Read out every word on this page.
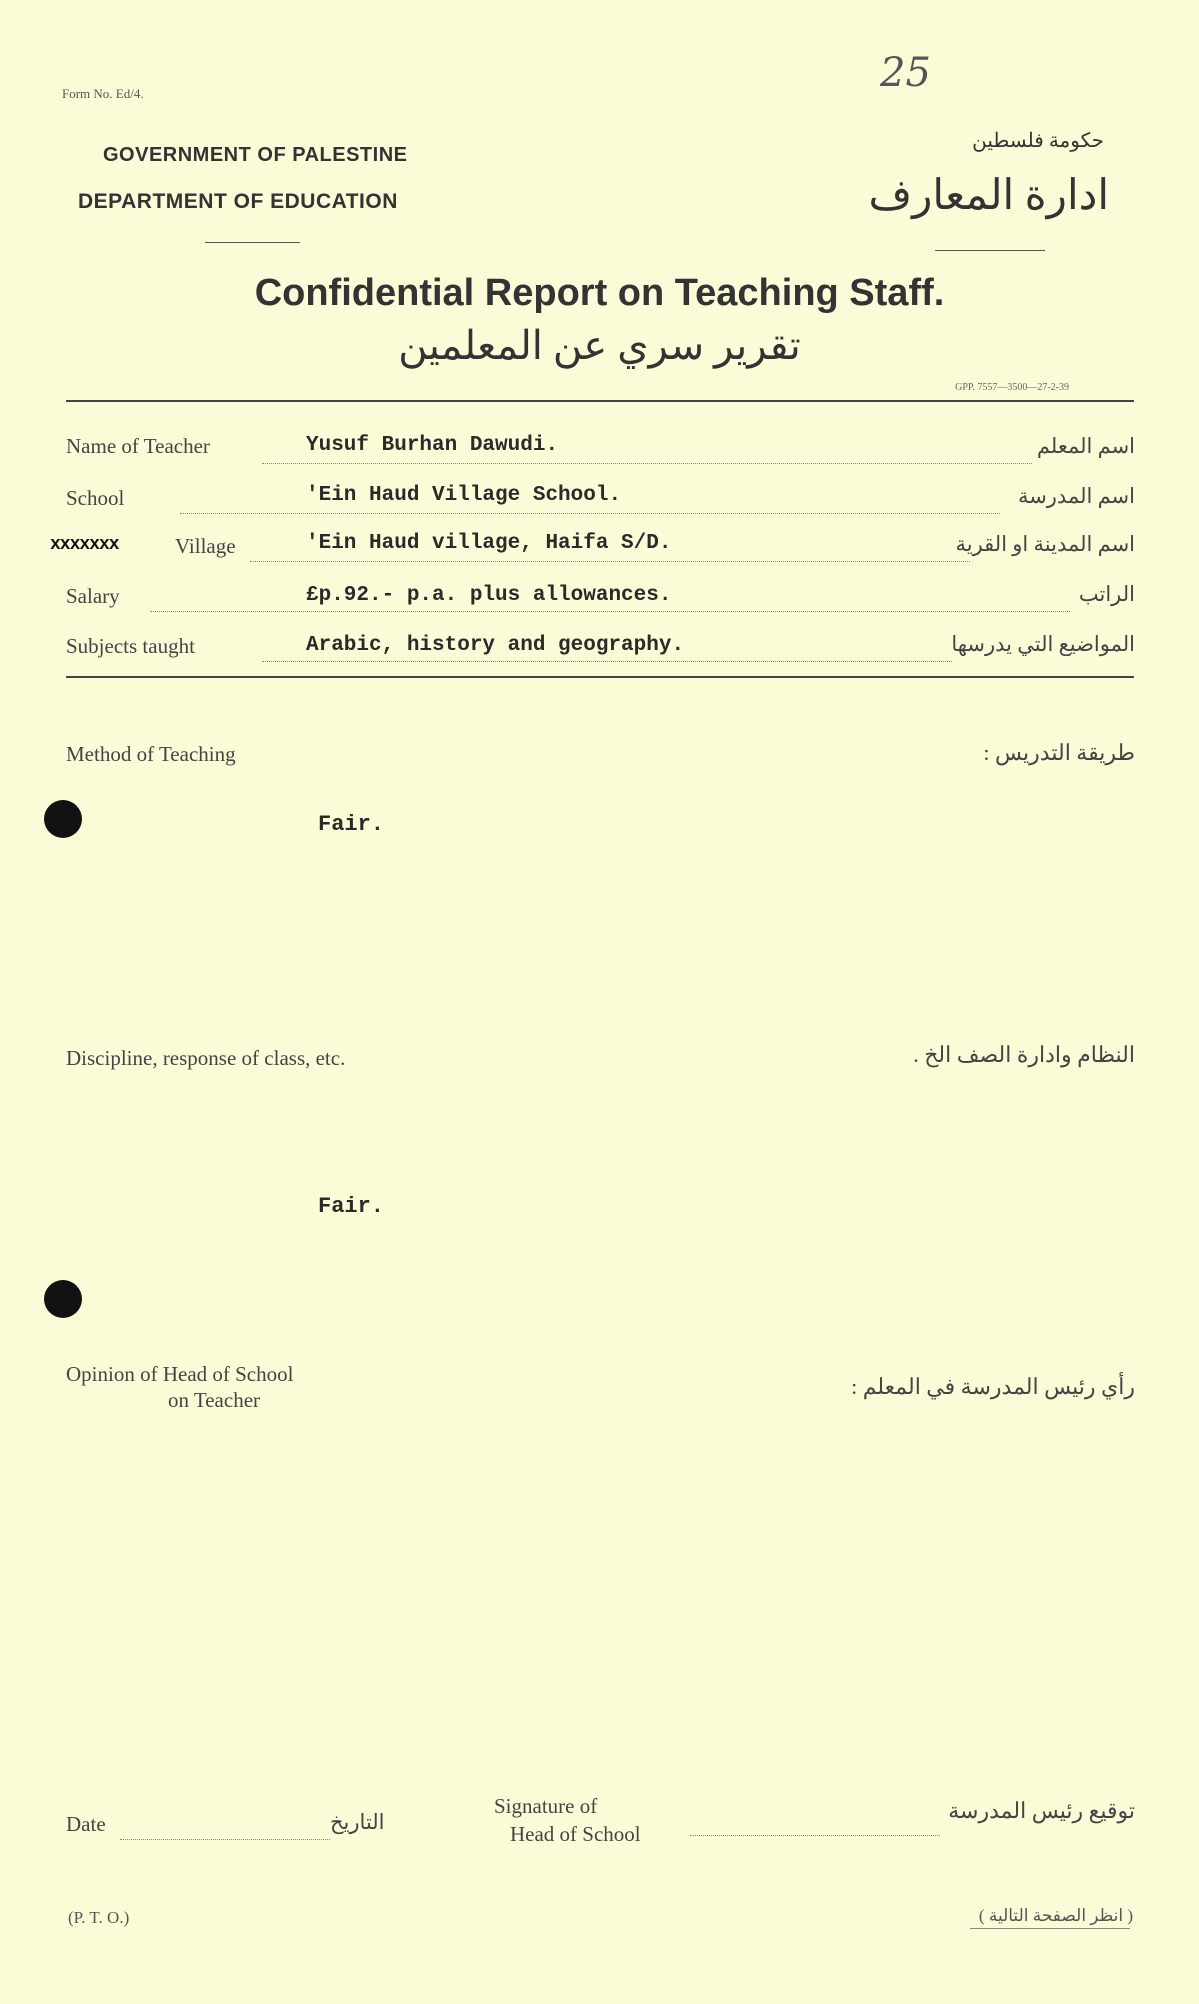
Form No. Ed/4.	25
GOVERNMENT OF PALESTINE
DEPARTMENT OF EDUCATION
حكومة فلسطين
ادارة المعارف
Confidential Report on Teaching Staff.
تقرير سري عن المعلمين
GPP. 7557—3500—27-2-39
Name of Teacher	Yusuf Burhan Dawudi.	اسم المعلم
School	'Ein Haud Village School.	اسم المدرسة
xxxxxxx	Village	'Ein Haud village, Haifa S/D.	اسم المدينة او القرية
Salary	£p.92.- p.a. plus allowances.	الراتب
Subjects taught	Arabic, history and geography.	المواضيع التي يدرسها
Method of Teaching	طريقة التدريس :
Fair.
Discipline, response of class, etc.	النظام وادارة الصف الخ .
Fair.
Opinion of Head of School
on Teacher
رأي رئيس المدرسة في المعلم :
Date	التاريخ
Signature of
Head of School
توقيع رئيس المدرسة
(P. T. O.)	( انظر الصفحة التالية )
